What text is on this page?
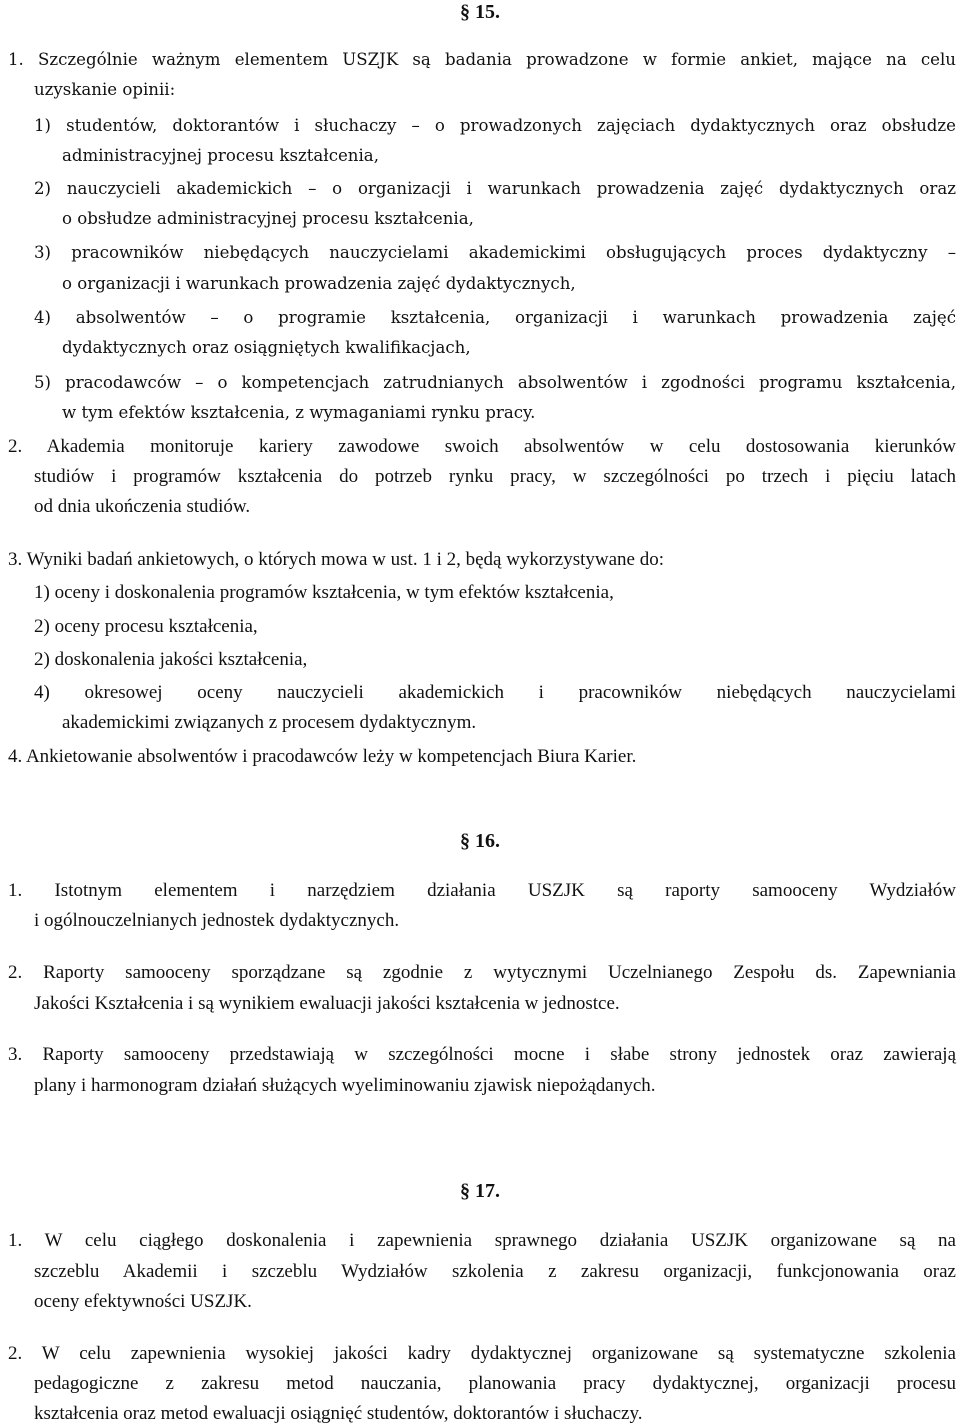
§ 15.
1. Szczególnie ważnym elementem USZJK są badania prowadzone w formie ankiet, mające na celu
uzyskanie opinii:
1) studentów, doktorantów i słuchaczy – o prowadzonych zajęciach dydaktycznych oraz obsłudze
administracyjnej procesu kształcenia,
2) nauczycieli akademickich – o organizacji i warunkach prowadzenia zajęć dydaktycznych oraz
o obsłudze administracyjnej procesu kształcenia,
3) pracowników niebędących nauczycielami akademickimi obsługujących proces dydaktyczny –
o organizacji i warunkach prowadzenia zajęć dydaktycznych,
4) absolwentów – o programie kształcenia, organizacji i warunkach prowadzenia zajęć
dydaktycznych oraz osiągniętych kwalifikacjach,
5) pracodawców – o kompetencjach zatrudnianych absolwentów i zgodności programu kształcenia,
w tym efektów kształcenia, z wymaganiami rynku pracy.
2. Akademia monitoruje kariery zawodowe swoich absolwentów w celu dostosowania kierunków
studiów i programów kształcenia do potrzeb rynku pracy, w szczególności po trzech i pięciu latach
od dnia ukończenia studiów.
3. Wyniki badań ankietowych, o których mowa w ust. 1 i 2, będą wykorzystywane do:
1) oceny i doskonalenia programów kształcenia, w tym efektów kształcenia,
2) oceny procesu kształcenia,
2) doskonalenia jakości kształcenia,
4) okresowej oceny nauczycieli akademickich i pracowników niebędących nauczycielami
akademickimi związanych z procesem dydaktycznym.
4. Ankietowanie absolwentów i pracodawców leży w kompetencjach Biura Karier.
§ 16.
1. Istotnym elementem i narzędziem działania USZJK są raporty samooceny Wydziałów
i ogólnouczelnianych jednostek dydaktycznych.
2. Raporty samooceny sporządzane są zgodnie z wytycznymi Uczelnianego Zespołu ds. Zapewniania
Jakości Kształcenia i są wynikiem ewaluacji jakości kształcenia w jednostce.
3. Raporty samooceny przedstawiają w szczególności mocne i słabe strony jednostek oraz zawierają
plany i harmonogram działań służących wyeliminowaniu zjawisk niepożądanych.
§ 17.
1. W celu ciągłego doskonalenia i zapewnienia sprawnego działania USZJK organizowane są na
szczeblu Akademii i szczeblu Wydziałów szkolenia z zakresu organizacji, funkcjonowania oraz
oceny efektywności USZJK.
2. W celu zapewnienia wysokiej jakości kadry dydaktycznej organizowane są systematyczne szkolenia
pedagogiczne z zakresu metod nauczania, planowania pracy dydaktycznej, organizacji procesu
kształcenia oraz metod ewaluacji osiągnięć studentów, doktorantów i słuchaczy.
